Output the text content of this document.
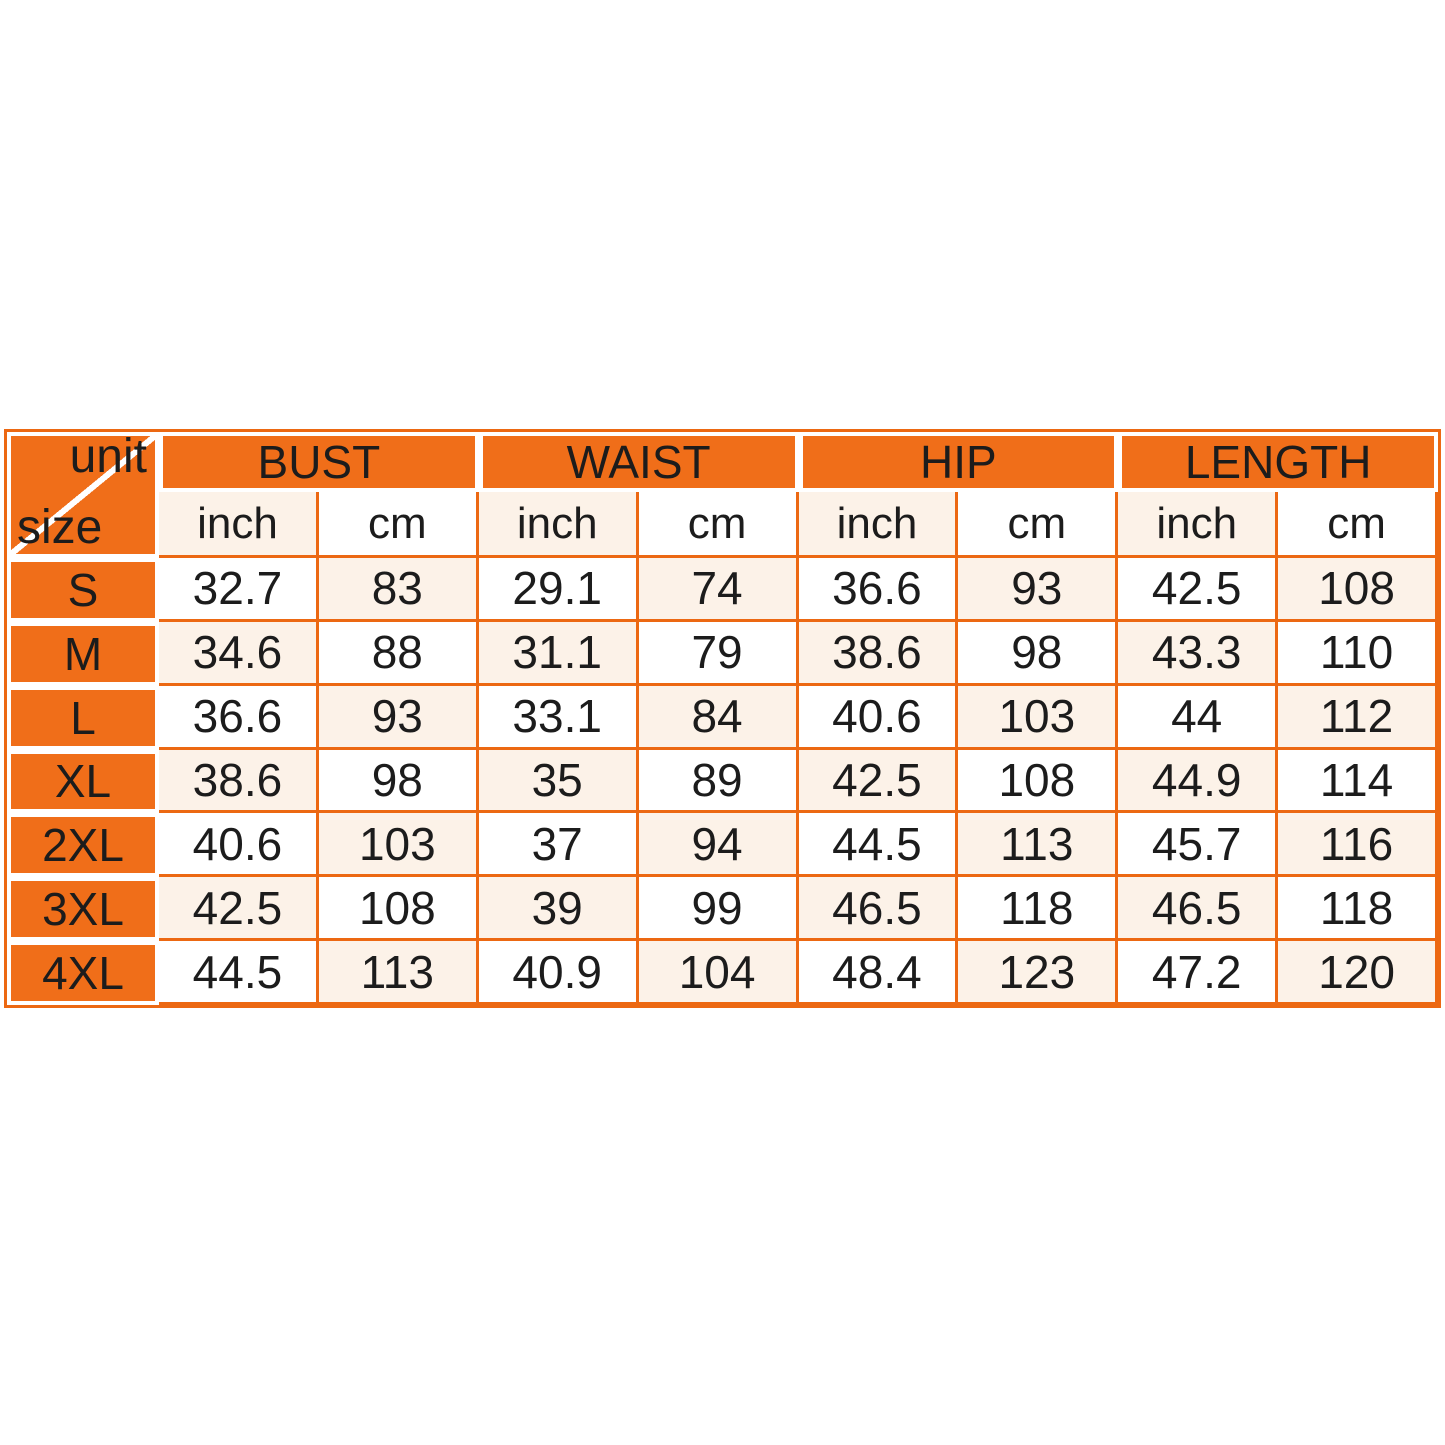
unit
size
BUST	WAIST	HIP	LENGTH
inch	cm	inch	cm	inch	cm	inch	cm
S	32.7	83	29.1	74	36.6	93	42.5	108
M	34.6	88	31.1	79	38.6	98	43.3	110
L	36.6	93	33.1	84	40.6	103	44	112
XL	38.6	98	35	89	42.5	108	44.9	114
2XL	40.6	103	37	94	44.5	113	45.7	116
3XL	42.5	108	39	99	46.5	118	46.5	118
4XL	44.5	113	40.9	104	48.4	123	47.2	120
